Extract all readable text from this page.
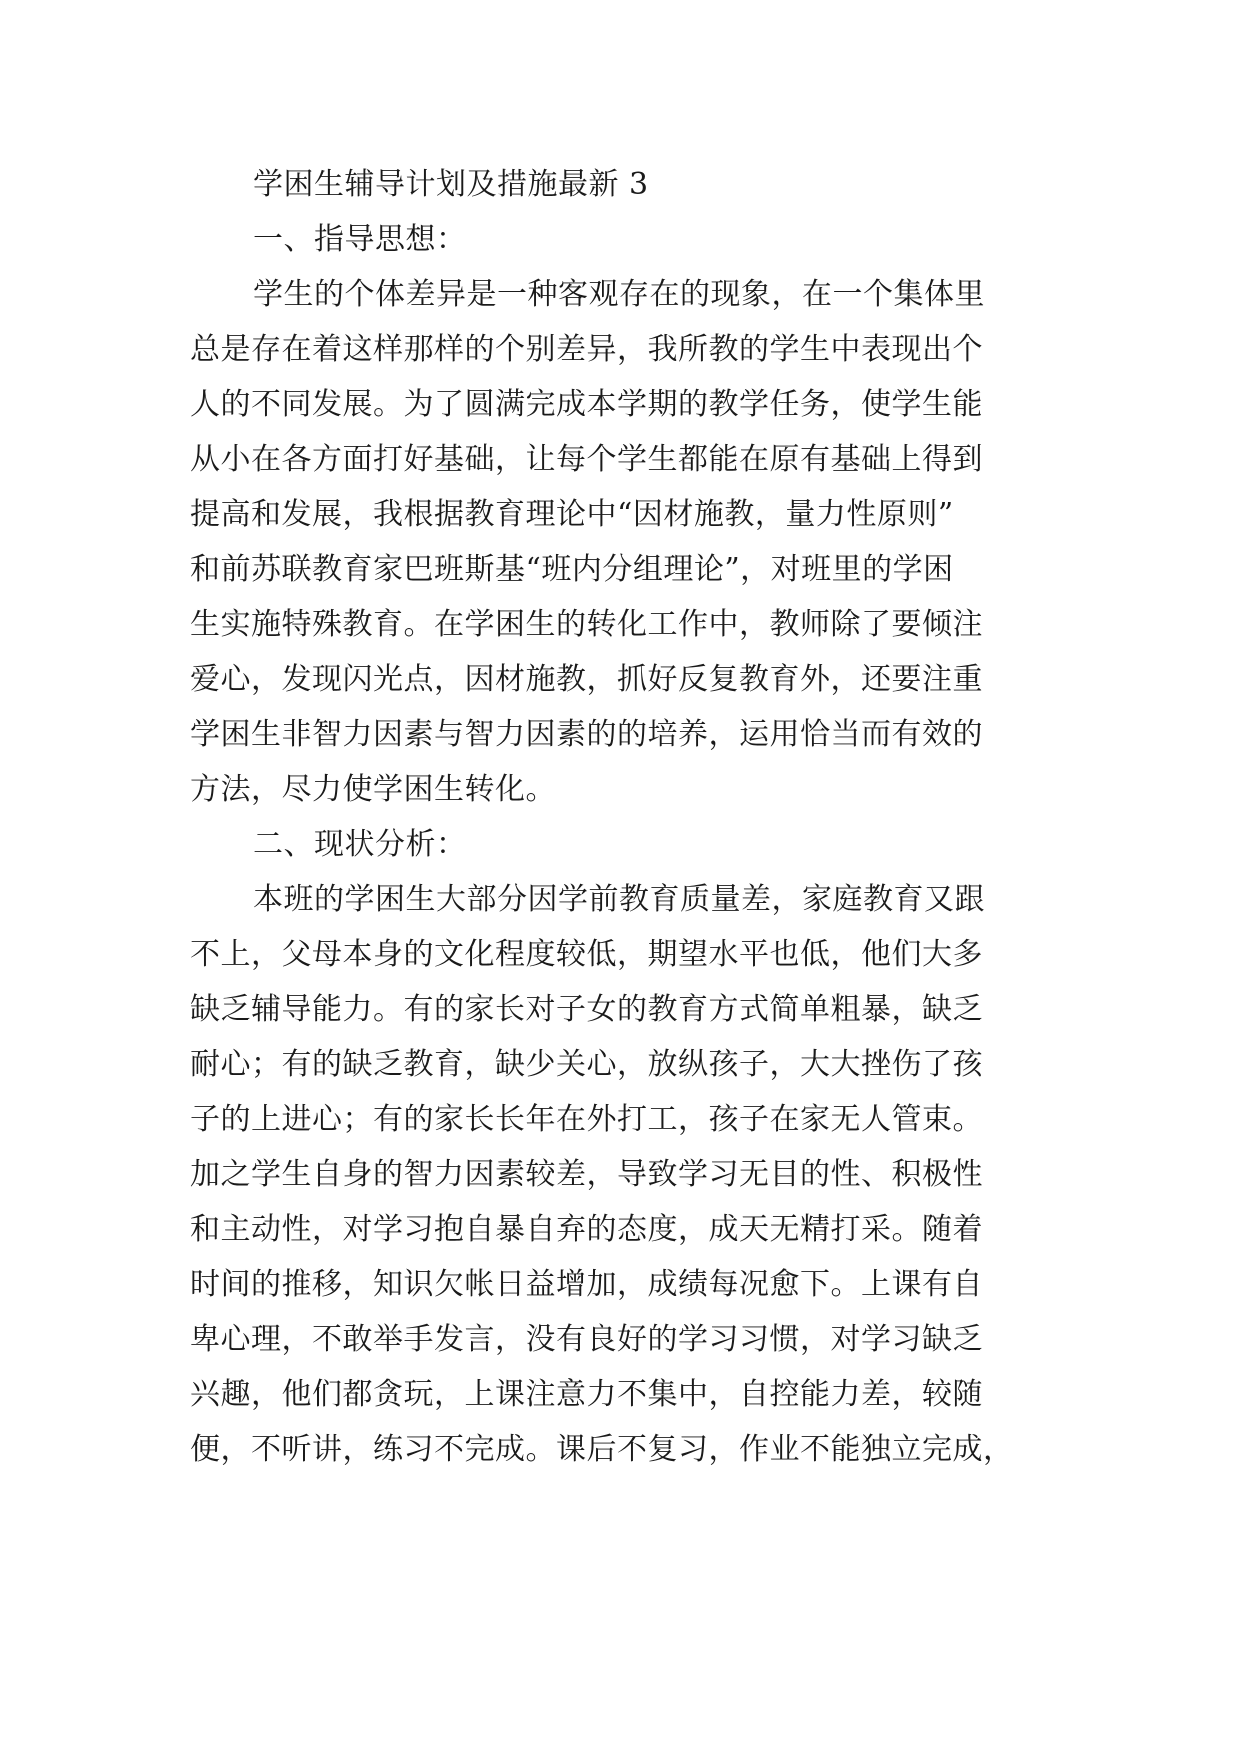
学困生辅导计划及措施最新 3
一、指导思想：
学生的个体差异是一种客观存在的现象，在一个集体里
总是存在着这样那样的个别差异，我所教的学生中表现出个
人的不同发展。为了圆满完成本学期的教学任务，使学生能
从小在各方面打好基础，让每个学生都能在原有基础上得到
提高和发展，我根据教育理论中“因材施教，量力性原则”
和前苏联教育家巴班斯基“班内分组理论”，对班里的学困
生实施特殊教育。在学困生的转化工作中，教师除了要倾注
爱心，发现闪光点，因材施教，抓好反复教育外，还要注重
学困生非智力因素与智力因素的的培养，运用恰当而有效的
方法，尽力使学困生转化。
二、现状分析：
本班的学困生大部分因学前教育质量差，家庭教育又跟
不上，父母本身的文化程度较低，期望水平也低，他们大多
缺乏辅导能力。有的家长对子女的教育方式简单粗暴，缺乏
耐心；有的缺乏教育，缺少关心，放纵孩子，大大挫伤了孩
子的上进心；有的家长长年在外打工，孩子在家无人管束。
加之学生自身的智力因素较差，导致学习无目的性、积极性
和主动性，对学习抱自暴自弃的态度，成天无精打采。随着
时间的推移，知识欠帐日益增加，成绩每况愈下。上课有自
卑心理，不敢举手发言，没有良好的学习习惯，对学习缺乏
兴趣，他们都贪玩，上课注意力不集中，自控能力差，较随
便，不听讲，练习不完成。课后不复习，作业不能独立完成，
